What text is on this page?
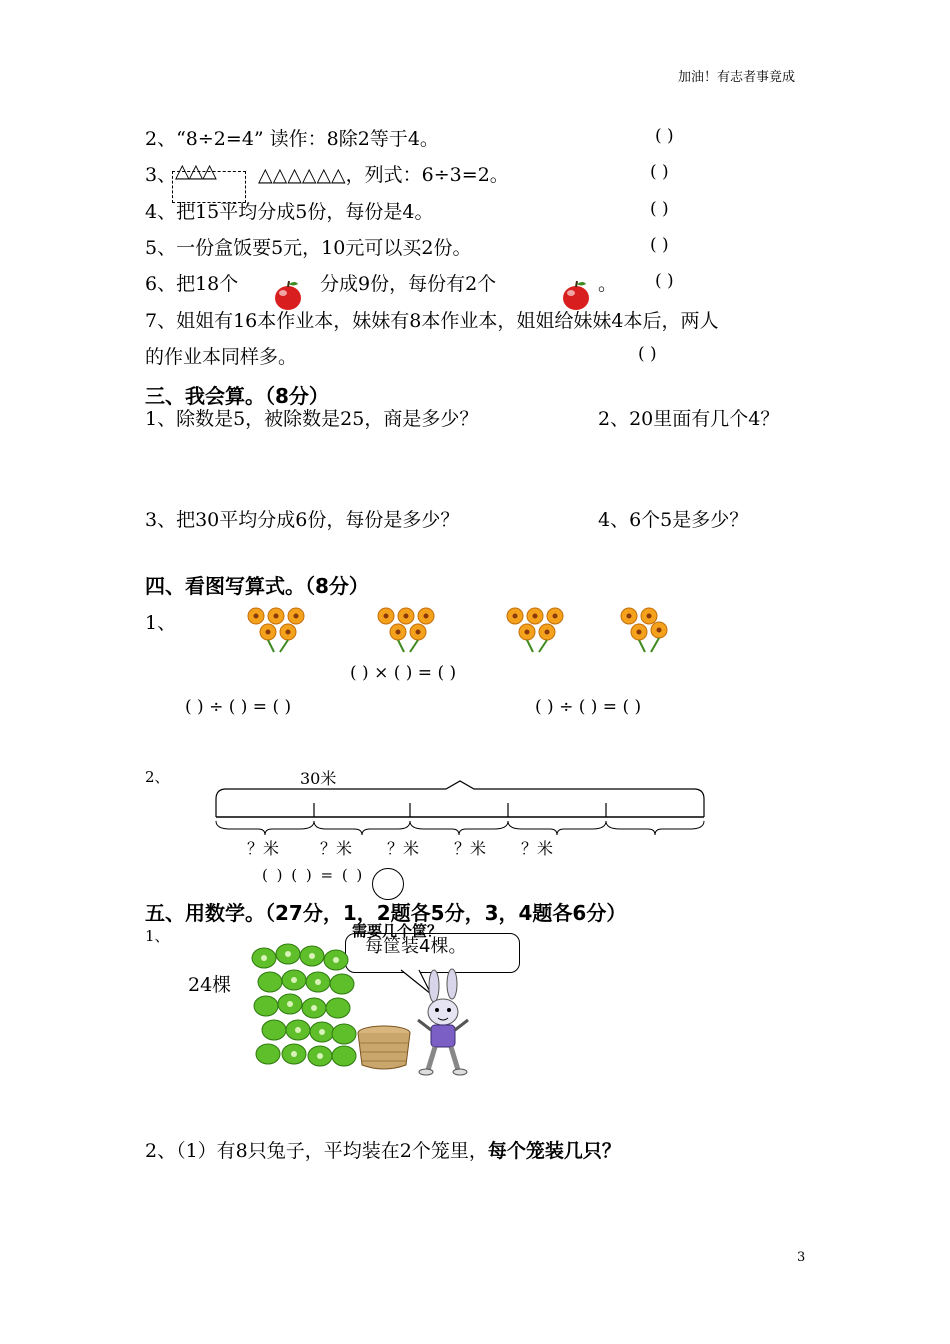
加油！有志者事竟成
2、“8÷2=4” 读作：8除2等于4。	( )
3、
△△△ △△△△△△，列式：6÷3=2。	( )
4、把15平均分成5份，每份是4。	( )
5、一份盒饭要5元，10元可以买2份。	( )
6、把18个	分成9份，每份有2个	。 ( )
7、姐姐有16本作业本，妹妹有8本作业本，姐姐给妹妹4本后，两人
的作业本同样多。	( )
三、我会算。（8分）
1、除数是5，被除数是25，商是多少？	2、20里面有几个4？
3、把30平均分成6份，每份是多少？	4、6个5是多少？
四、看图写算式。（8分）
1、
( ) × ( ) = ( )
( ) ÷ ( ) = ( )	( ) ÷ ( ) = ( )
2、	30米
？米	？米 ？米 ？米 ？米
( ) ( ) = ( )
五、用数学。（27分，1，2题各5分，3，4题各6分）
1、	需要几个筐？
每筐装4棵。
24棵
2、（1）有8只兔子，平均装在2个笼里，每个笼装几只？
3
